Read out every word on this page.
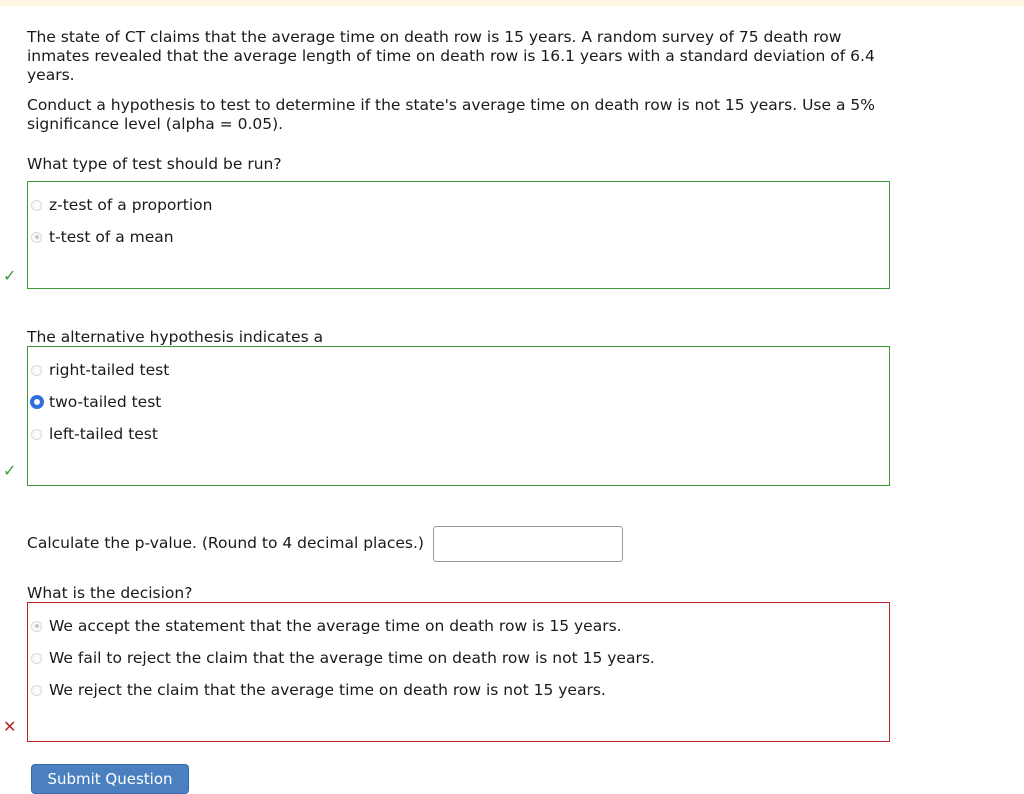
The state of CT claims that the average time on death row is 15 years. A random survey of 75 death row inmates revealed that the average length of time on death row is 16.1 years with a standard deviation of 6.4 years.

Conduct a hypothesis to test to determine if the state's average time on death row is not 15 years. Use a 5% significance level (alpha = 0.05).

What type of test should be run?
z-test of a proportion
t-test of a mean
✓
The alternative hypothesis indicates a
right-tailed test
two-tailed test
left-tailed test
✓
Calculate the p-value. (Round to 4 decimal places.)
What is the decision?
We accept the statement that the average time on death row is 15 years.
We fail to reject the claim that the average time on death row is not 15 years.
We reject the claim that the average time on death row is not 15 years.
✕
Submit Question
